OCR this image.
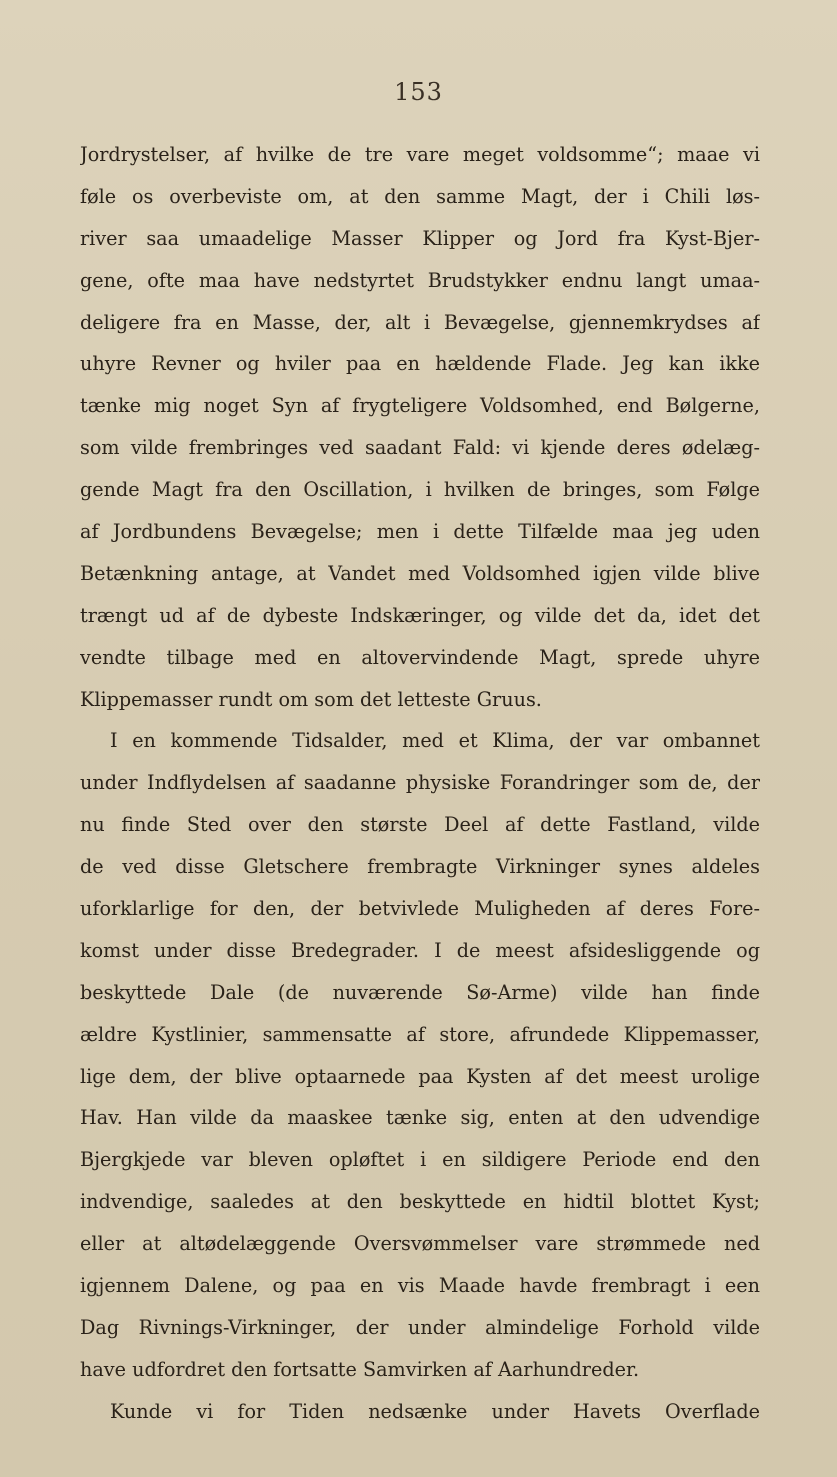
153
Jordrystelser, af hvilke de tre vare meget voldsomme“; maae vi
føle os overbeviste om, at den samme Magt, der i Chili løs-
river saa umaadelige Masser Klipper og Jord fra Kyst-Bjer-
gene, ofte maa have nedstyrtet Brudstykker endnu langt umaa-
deligere fra en Masse, der, alt i Bevægelse, gjennemkrydses af
uhyre Revner og hviler paa en hældende Flade. Jeg kan ikke
tænke mig noget Syn af frygteligere Voldsomhed, end Bølgerne,
som vilde frembringes ved saadant Fald: vi kjende deres ødelæg-
gende Magt fra den Oscillation, i hvilken de bringes, som Følge
af Jordbundens Bevægelse; men i dette Tilfælde maa jeg uden
Betænkning antage, at Vandet med Voldsomhed igjen vilde blive
trængt ud af de dybeste Indskæringer, og vilde det da, idet det
vendte tilbage med en altovervindende Magt, sprede uhyre
Klippemasser rundt om som det letteste Gruus.
I en kommende Tidsalder, med et Klima, der var ombannet
under Indflydelsen af saadanne physiske Forandringer som de, der
nu finde Sted over den største Deel af dette Fastland, vilde
de ved disse Gletschere frembragte Virkninger synes aldeles
uforklarlige for den, der betvivlede Muligheden af deres Fore-
komst under disse Bredegrader. I de meest afsidesliggende og
beskyttede Dale (de nuværende Sø-Arme) vilde han finde
ældre Kystlinier, sammensatte af store, afrundede Klippemasser,
lige dem, der blive optaarnede paa Kysten af det meest urolige
Hav. Han vilde da maaskee tænke sig, enten at den udvendige
Bjergkjede var bleven opløftet i en sildigere Periode end den
indvendige, saaledes at den beskyttede en hidtil blottet Kyst;
eller at altødelæggende Oversvømmelser vare strømmede ned
igjennem Dalene, og paa en vis Maade havde frembragt i een
Dag Rivnings-Virkninger, der under almindelige Forhold vilde
have udfordret den fortsatte Samvirken af Aarhundreder.
Kunde vi for Tiden nedsænke under Havets Overflade
